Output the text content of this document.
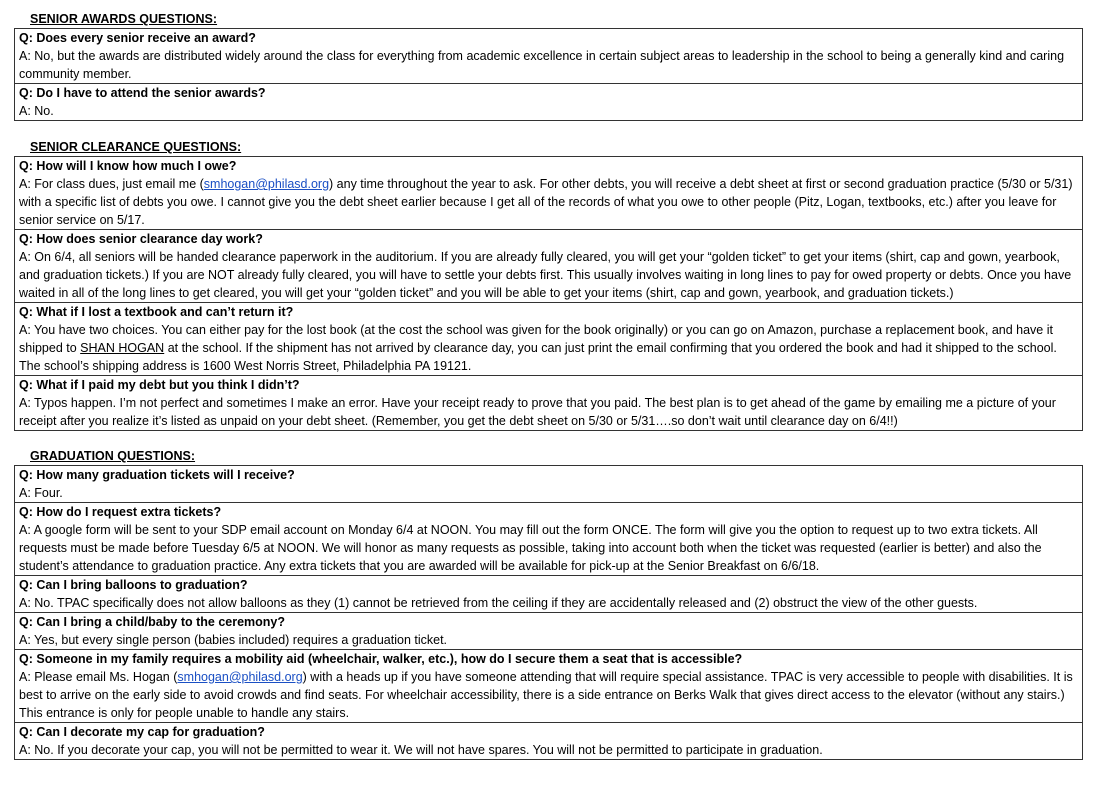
SENIOR AWARDS QUESTIONS:
Q: Does every senior receive an award?
A: No, but the awards are distributed widely around the class for everything from academic excellence in certain subject areas to leadership in the school to being a generally kind and caring community member.

Q: Do I have to attend the senior awards?
A: No.
SENIOR CLEARANCE QUESTIONS:
Q: How will I know how much I owe?
A: For class dues, just email me (smhogan@philasd.org) any time throughout the year to ask. For other debts, you will receive a debt sheet at first or second graduation practice (5/30 or 5/31) with a specific list of debts you owe. I cannot give you the debt sheet earlier because I get all of the records of what you owe to other people (Pitz, Logan, textbooks, etc.) after you leave for senior service on 5/17.

Q: How does senior clearance day work?
A: On 6/4, all seniors will be handed clearance paperwork in the auditorium. If you are already fully cleared, you will get your “golden ticket” to get your items (shirt, cap and gown, yearbook, and graduation tickets.) If you are NOT already fully cleared, you will have to settle your debts first. This usually involves waiting in long lines to pay for owed property or debts. Once you have waited in all of the long lines to get cleared, you will get your “golden ticket” and you will be able to get your items (shirt, cap and gown, yearbook, and graduation tickets.)

Q: What if I lost a textbook and can’t return it?
A: You have two choices. You can either pay for the lost book (at the cost the school was given for the book originally) or you can go on Amazon, purchase a replacement book, and have it shipped to SHAN HOGAN at the school. If the shipment has not arrived by clearance day, you can just print the email confirming that you ordered the book and had it shipped to the school. The school’s shipping address is 1600 West Norris Street, Philadelphia PA 19121.

Q: What if I paid my debt but you think I didn’t?
A: Typos happen. I’m not perfect and sometimes I make an error. Have your receipt ready to prove that you paid. The best plan is to get ahead of the game by emailing me a picture of your receipt after you realize it’s listed as unpaid on your debt sheet. (Remember, you get the debt sheet on 5/30 or 5/31….so don’t wait until clearance day on 6/4!!)
GRADUATION QUESTIONS:
Q: How many graduation tickets will I receive?
A: Four.

Q: How do I request extra tickets?
A: A google form will be sent to your SDP email account on Monday 6/4 at NOON. You may fill out the form ONCE. The form will give you the option to request up to two extra tickets. All requests must be made before Tuesday 6/5 at NOON. We will honor as many requests as possible, taking into account both when the ticket was requested (earlier is better) and also the student’s attendance to graduation practice. Any extra tickets that you are awarded will be available for pick-up at the Senior Breakfast on 6/6/18.

Q: Can I bring balloons to graduation?
A: No. TPAC specifically does not allow balloons as they (1) cannot be retrieved from the ceiling if they are accidentally released and (2) obstruct the view of the other guests.

Q: Can I bring a child/baby to the ceremony?
A: Yes, but every single person (babies included) requires a graduation ticket.

Q: Someone in my family requires a mobility aid (wheelchair, walker, etc.), how do I secure them a seat that is accessible?
A: Please email Ms. Hogan (smhogan@philasd.org) with a heads up if you have someone attending that will require special assistance. TPAC is very accessible to people with disabilities. It is best to arrive on the early side to avoid crowds and find seats. For wheelchair accessibility, there is a side entrance on Berks Walk that gives direct access to the elevator (without any stairs.) This entrance is only for people unable to handle any stairs.

Q: Can I decorate my cap for graduation?
A: No. If you decorate your cap, you will not be permitted to wear it. We will not have spares. You will not be permitted to participate in graduation.
